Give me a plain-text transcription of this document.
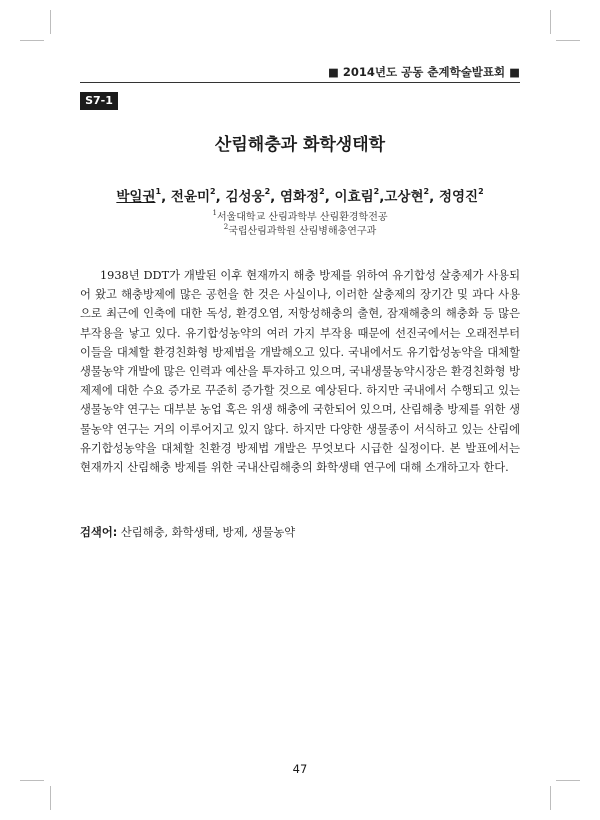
■ 2014년도 공동 춘계학술발표회 ■
S7-1
산림해충과 화학생태학
박일권$^1$, 전윤미$^2$, 김성웅$^2$, 염화정$^2$, 이효림$^2$,고상현$^2$, 정영진$^2$
$^1$서울대학교 산림과학부 산림환경학전공
$^2$국립산림과학원 산림병해충연구과

1938년 DDT가 개발된 이후 현재까지 해충 방제를 위하여 유기합성 살충제가 사용되어 왔고 해충방제에 많은 공헌을 한 것은 사실이나, 이러한 살충제의 장기간 및 과다 사용으로 최근에 인축에 대한 독성, 환경오염, 저항성해충의 출현, 잠재해충의 해충화 등 많은 부작용을 낳고 있다. 유기합성농약의 여러 가지 부작용 때문에 선진국에서는 오래전부터 이들을 대체할 환경친화형 방제법을 개발해오고 있다. 국내에서도 유기합성농약을 대체할 생물농약 개발에 많은 인력과 예산을 투자하고 있으며, 국내생물농약시장은 환경친화형 방제제에 대한 수요 증가로 꾸준히 증가할 것으로 예상된다. 하지만 국내에서 수행되고 있는 생물농약 연구는 대부분 농업 혹은 위생 해충에 국한되어 있으며, 산림해충 방제를 위한 생물농약 연구는 거의 이루어지고 있지 않다. 하지만 다양한 생물종이 서식하고 있는 산림에 유기합성농약을 대체할 친환경 방제법 개발은 무엇보다 시급한 실정이다. 본 발표에서는 현재까지 산림해충 방제를 위한 국내산림해충의 화학생태 연구에 대해 소개하고자 한다.

검색어: 산림해충, 화학생태, 방제, 생물농약
47
